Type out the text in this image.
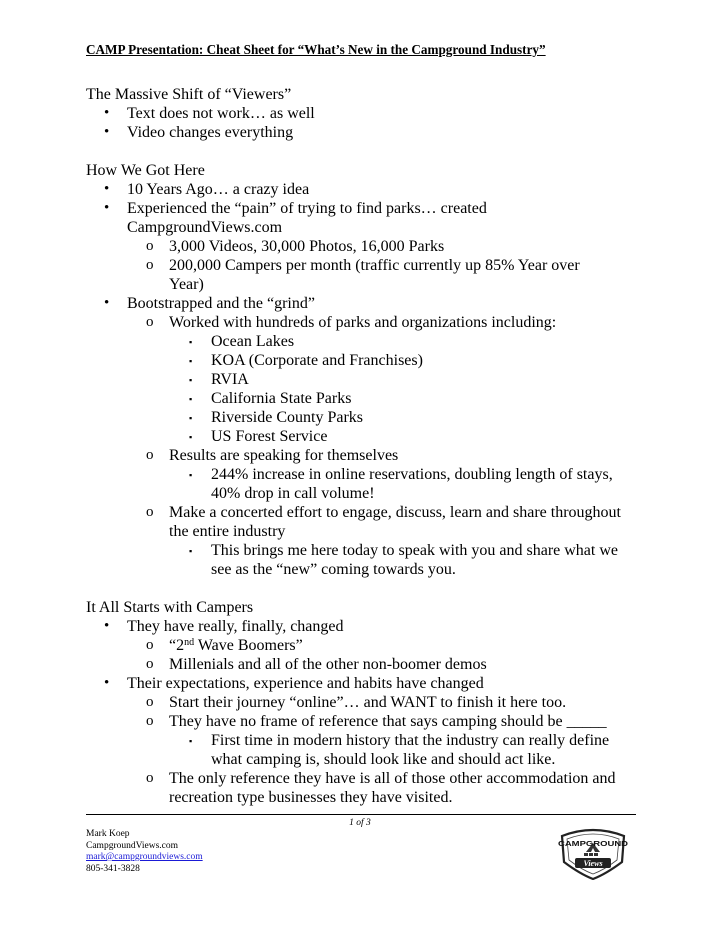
CAMP Presentation: Cheat Sheet for “What’s New in the Campground Industry”
The Massive Shift of “Viewers”
• Text does not work… as well
• Video changes everything
How We Got Here
• 10 Years Ago… a crazy idea
• Experienced the “pain” of trying to find parks… created
CampgroundViews.com
o 3,000 Videos, 30,000 Photos, 16,000 Parks
o 200,000 Campers per month (traffic currently up 85% Year over
Year)
• Bootstrapped and the “grind”
o Worked with hundreds of parks and organizations including:
▪ Ocean Lakes
▪ KOA (Corporate and Franchises)
▪ RVIA
▪ California State Parks
▪ Riverside County Parks
▪ US Forest Service
o Results are speaking for themselves
▪ 244% increase in online reservations, doubling length of stays,
40% drop in call volume!
o Make a concerted effort to engage, discuss, learn and share throughout
the entire industry
▪ This brings me here today to speak with you and share what we
see as the “new” coming towards you.
It All Starts with Campers
• They have really, finally, changed
o “2nd Wave Boomers”
o Millenials and all of the other non-boomer demos
• Their expectations, experience and habits have changed
o Start their journey “online”… and WANT to finish it here too.
o They have no frame of reference that says camping should be _____
▪ First time in modern history that the industry can really define
what camping is, should look like and should act like.
o The only reference they have is all of those other accommodation and
recreation type businesses they have visited.
1 of 3
Mark Koep
CampgroundViews.com
mark@campgroundviews.com
805-341-3828
CAMPGROUND
Views
